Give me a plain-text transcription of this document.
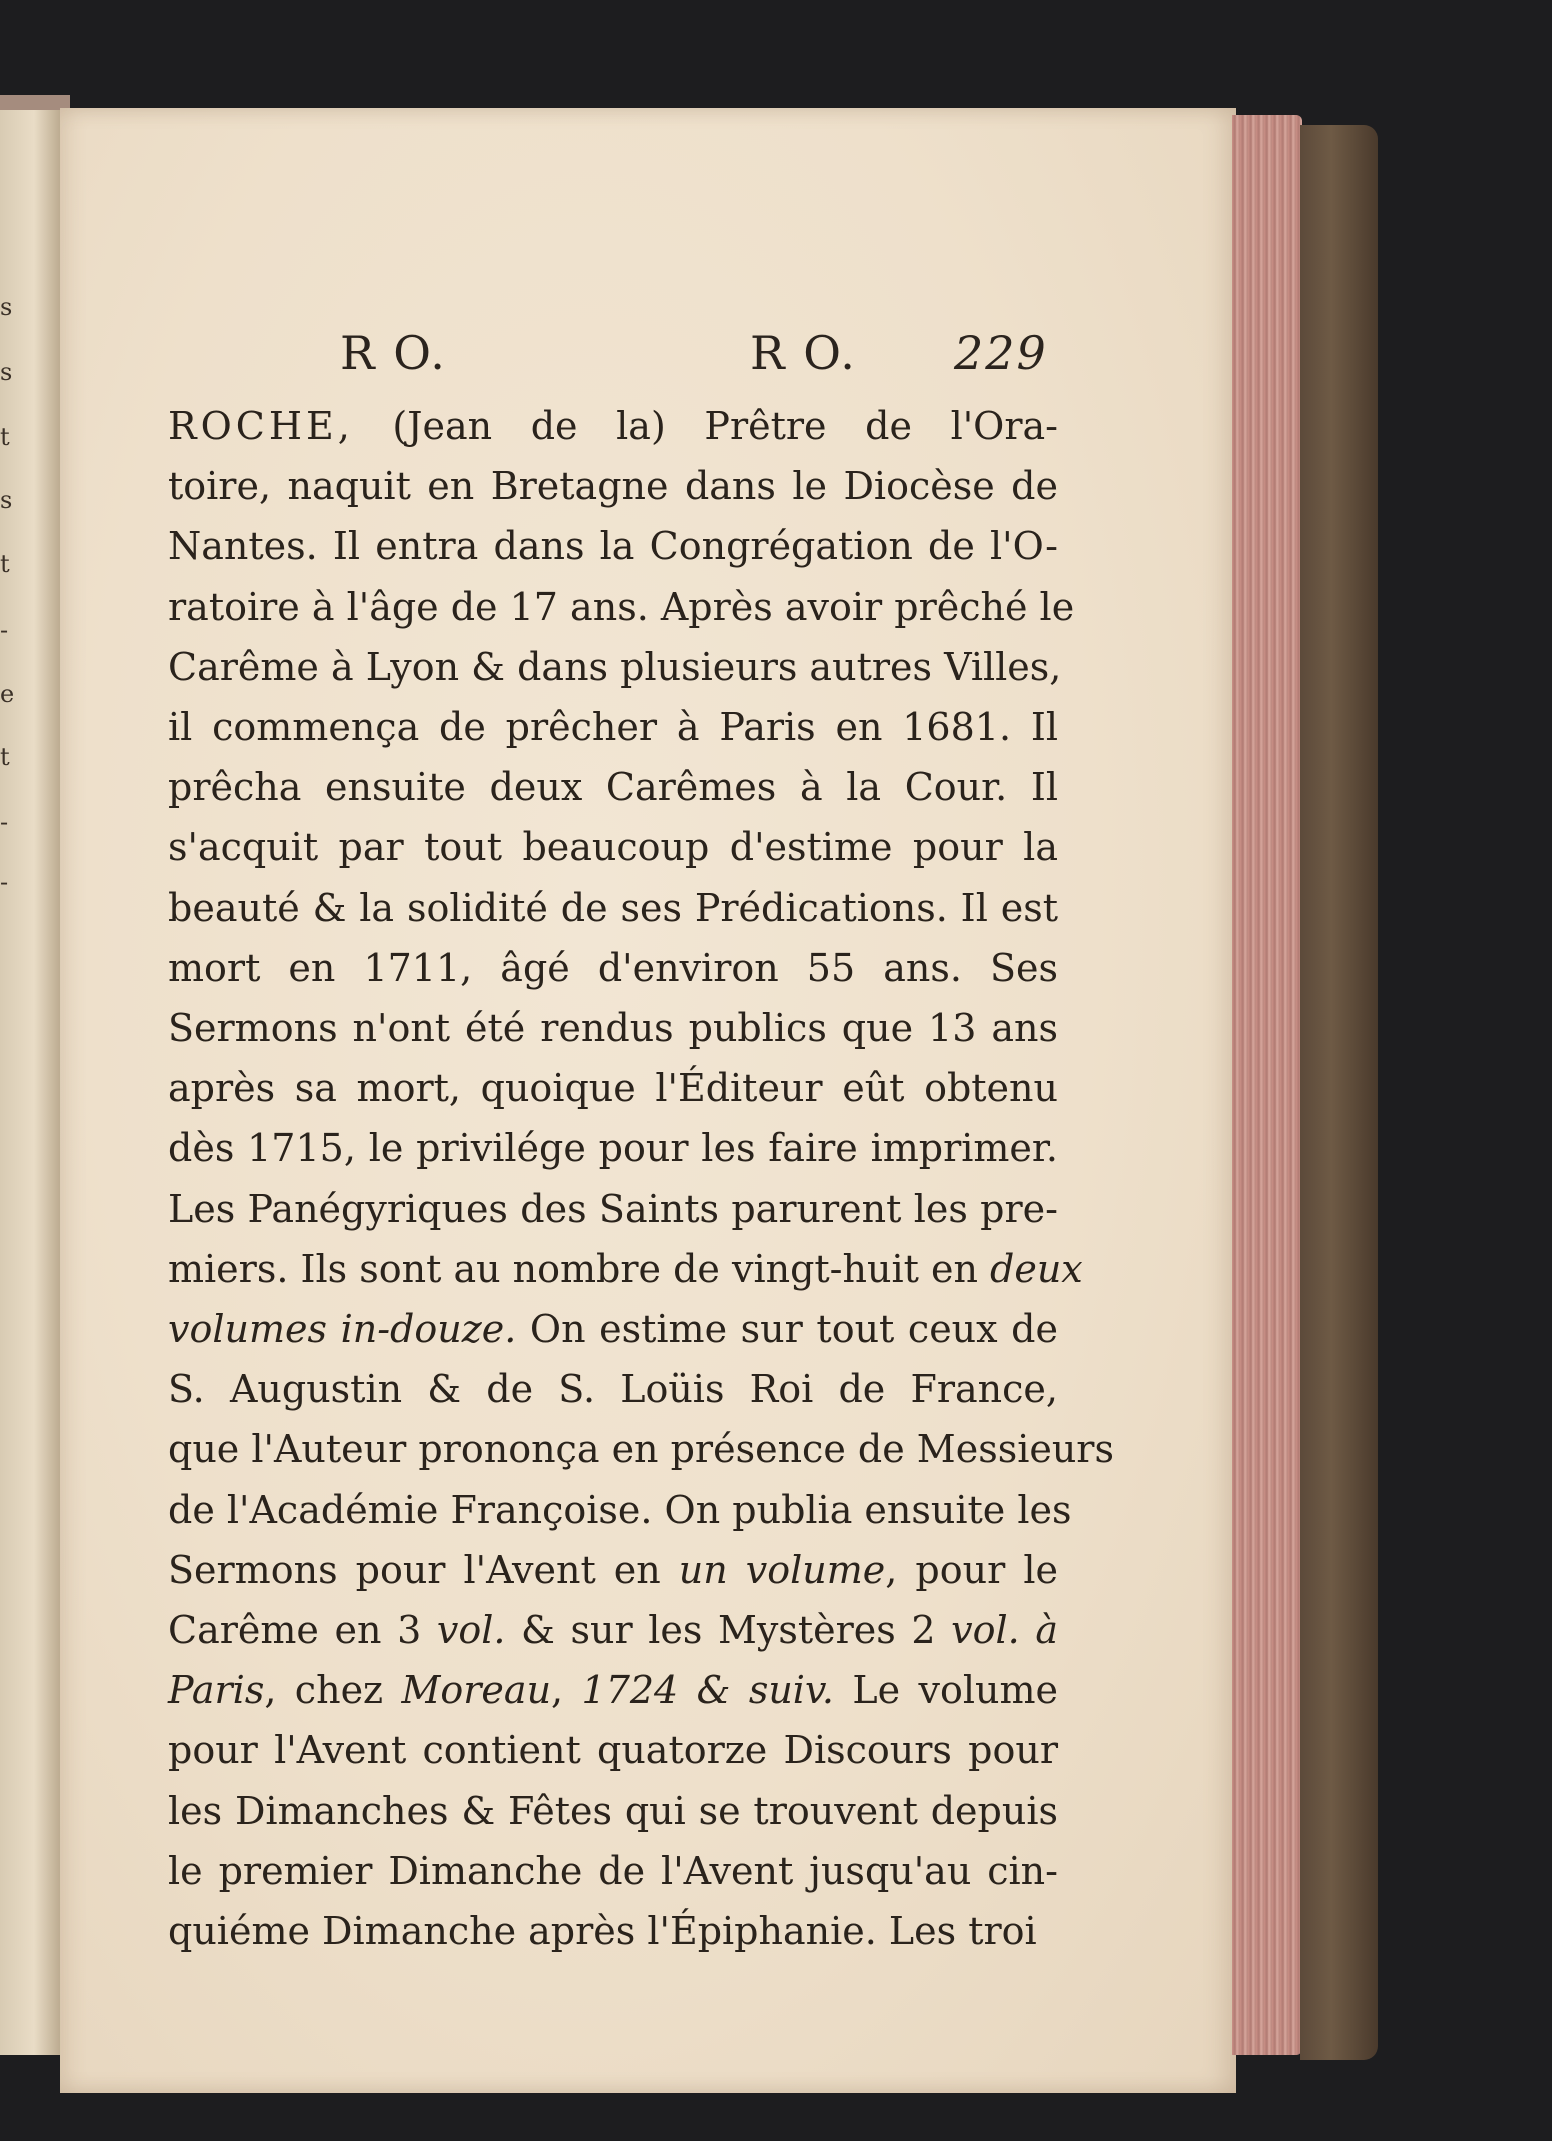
R O.	R O. 229
ROCHE, (Jean de la) Prêtre de l'Ora-
toire, naquit en Bretagne dans le Diocèse de
Nantes. Il entra dans la Congrégation de l'O-
ratoire à l'âge de 17 ans. Après avoir prêché le
Carême à Lyon & dans plusieurs autres Villes,
il commença de prêcher à Paris en 1681. Il
prêcha ensuite deux Carêmes à la Cour. Il
s'acquit par tout beaucoup d'estime pour la
beauté & la solidité de ses Prédications. Il est
mort en 1711, âgé d'environ 55 ans. Ses
Sermons n'ont été rendus publics que 13 ans
après sa mort, quoique l'Éditeur eût obtenu
dès 1715, le privilége pour les faire imprimer.
Les Panégyriques des Saints parurent les pre-
miers. Ils sont au nombre de vingt-huit en deux
volumes in-douze. On estime sur tout ceux de
S. Augustin & de S. Loüis Roi de France,
que l'Auteur prononça en présence de Messieurs
de l'Académie Françoise. On publia ensuite les
Sermons pour l'Avent en un volume, pour le
Carême en 3 vol. & sur les Mystères 2 vol. à
Paris, chez Moreau, 1724 & suiv. Le volume
pour l'Avent contient quatorze Discours pour
les Dimanches & Fêtes qui se trouvent depuis
le premier Dimanche de l'Avent jusqu'au cin-
quiéme Dimanche après l'Épiphanie. Les troi
s
s
t
s
t
-
e
t
-
-
